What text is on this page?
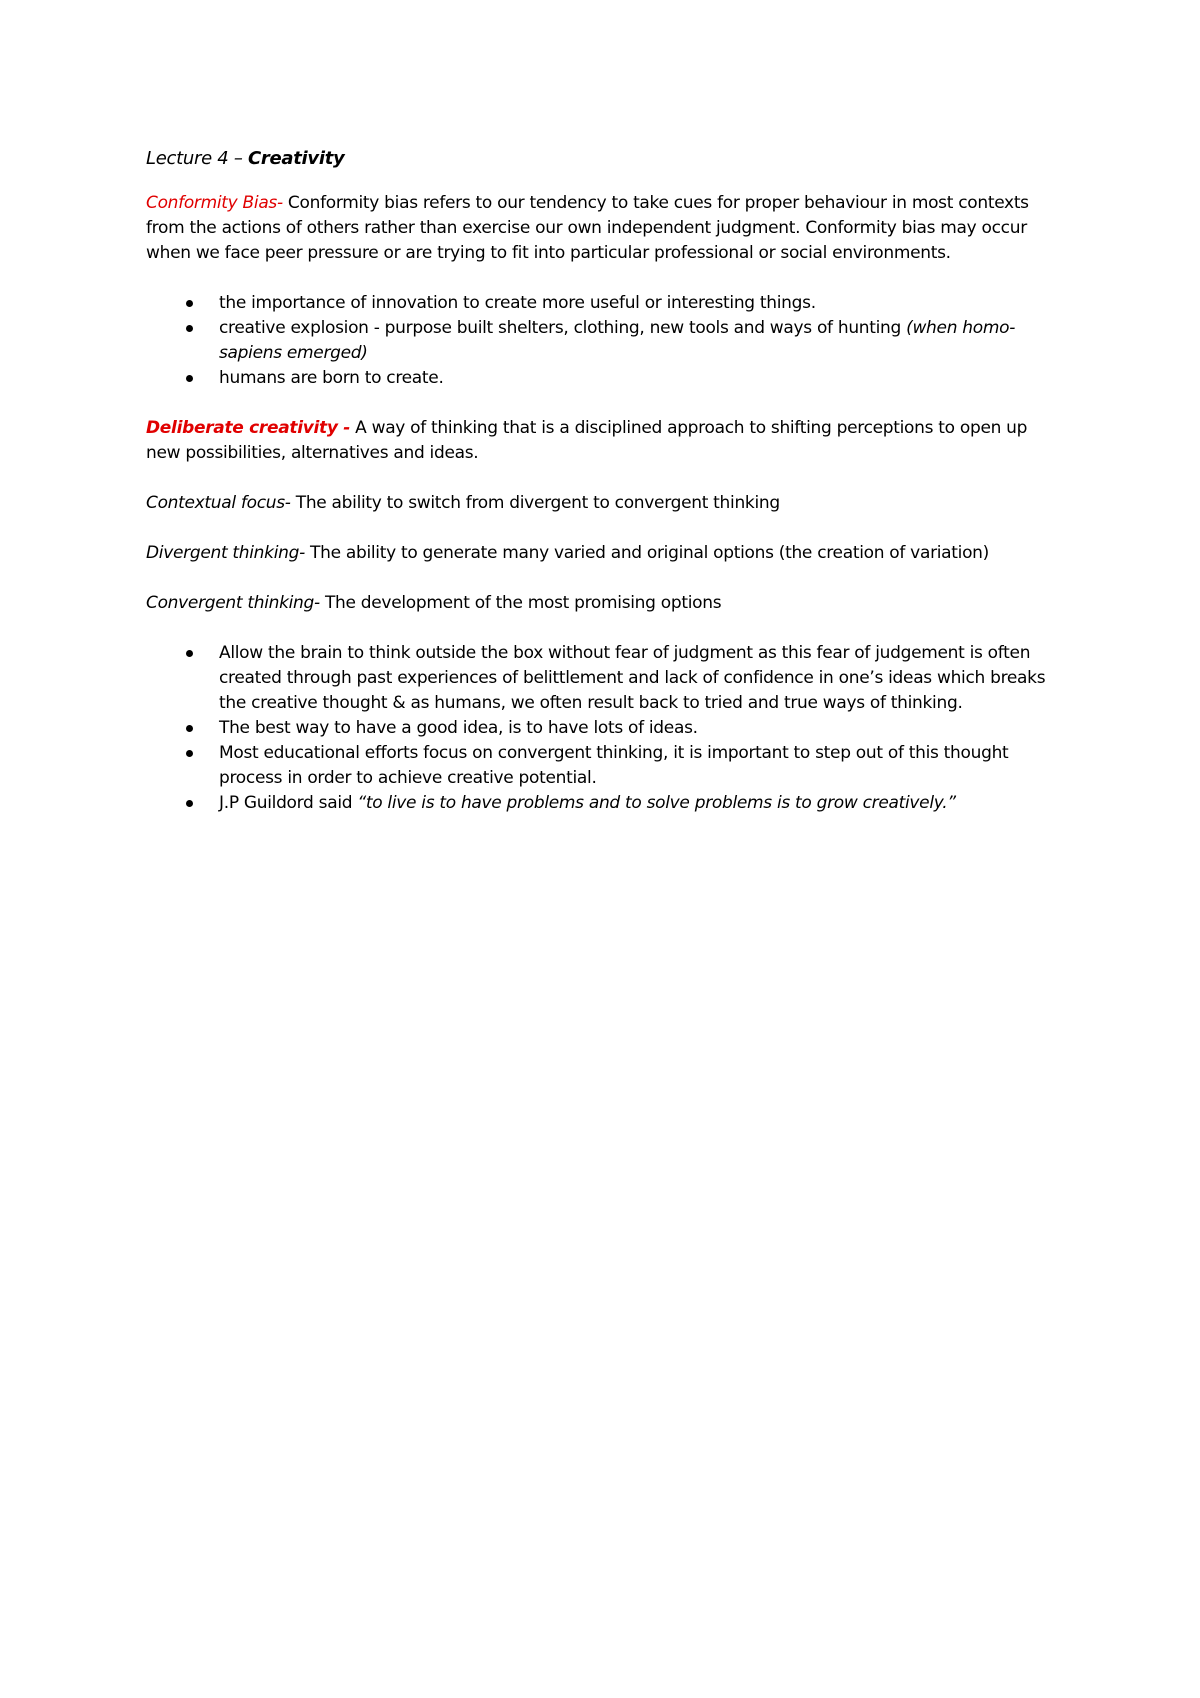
Lecture 4 – Creativity

Conformity Bias- Conformity bias refers to our tendency to take cues for proper behaviour in most contexts from the actions of others rather than exercise our own independent judgment. Conformity bias may occur when we face peer pressure or are trying to fit into particular professional or social environments.

the importance of innovation to create more useful or interesting things.
creative explosion - purpose built shelters, clothing, new tools and ways of hunting (when homo-sapiens emerged)
humans are born to create.

Deliberate creativity - A way of thinking that is a disciplined approach to shifting perceptions to open up new possibilities, alternatives and ideas.

Contextual focus- The ability to switch from divergent to convergent thinking

Divergent thinking- The ability to generate many varied and original options (the creation of variation)

Convergent thinking- The development of the most promising options

Allow the brain to think outside the box without fear of judgment as this fear of judgement is often created through past experiences of belittlement and lack of confidence in one’s ideas which breaks the creative thought & as humans, we often result back to tried and true ways of thinking.
The best way to have a good idea, is to have lots of ideas.
Most educational efforts focus on convergent thinking, it is important to step out of this thought process in order to achieve creative potential.
J.P Guildord said “to live is to have problems and to solve problems is to grow creatively.”
